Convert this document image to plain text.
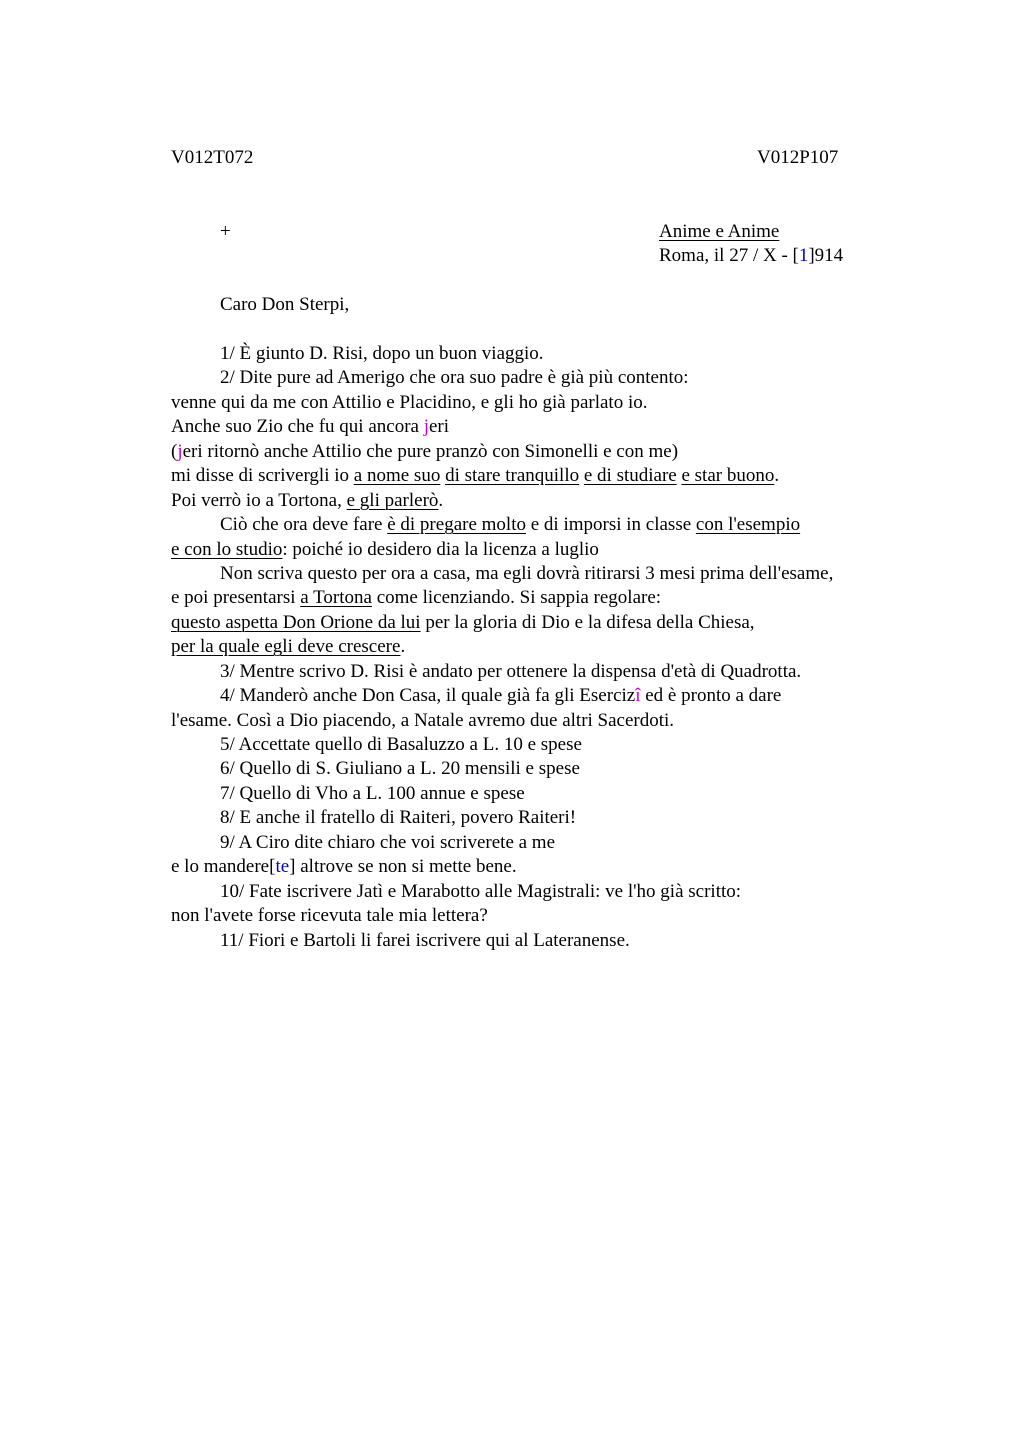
V012T072	V012P107
+	Anime e Anime
Roma, il 27 / X - [1]914
Caro Don Sterpi,
1/ È giunto D. Risi, dopo un buon viaggio.
2/ Dite pure ad Amerigo che ora suo padre è già più contento:
venne qui da me con Attilio e Placidino, e gli ho già parlato io.
Anche suo Zio che fu qui ancora jeri
(jeri ritornò anche Attilio che pure pranzò con Simonelli e con me)
mi disse di scrivergli io a nome suo di stare tranquillo e di studiare e star buono.
Poi verrò io a Tortona, e gli parlerò.
Ciò che ora deve fare è di pregare molto e di imporsi in classe con l'esempio
e con lo studio: poiché io desidero dia la licenza a luglio
Non scriva questo per ora a casa, ma egli dovrà ritirarsi 3 mesi prima dell'esame,
e poi presentarsi a Tortona come licenziando. Si sappia regolare:
questo aspetta Don Orione da lui per la gloria di Dio e la difesa della Chiesa,
per la quale egli deve crescere.
3/ Mentre scrivo D. Risi è andato per ottenere la dispensa d'età di Quadrotta.
4/ Manderò anche Don Casa, il quale già fa gli Esercizî ed è pronto a dare
l'esame. Così a Dio piacendo, a Natale avremo due altri Sacerdoti.
5/ Accettate quello di Basaluzzo a L. 10 e spese
6/ Quello di S. Giuliano a L. 20 mensili e spese
7/ Quello di Vho a L. 100 annue e spese
8/ E anche il fratello di Raiteri, povero Raiteri!
9/ A Ciro dite chiaro che voi scriverete a me
e lo mandere[te] altrove se non si mette bene.
10/ Fate iscrivere Jatì e Marabotto alle Magistrali: ve l'ho già scritto:
non l'avete forse ricevuta tale mia lettera?
11/ Fiori e Bartoli li farei iscrivere qui al Lateranense.
